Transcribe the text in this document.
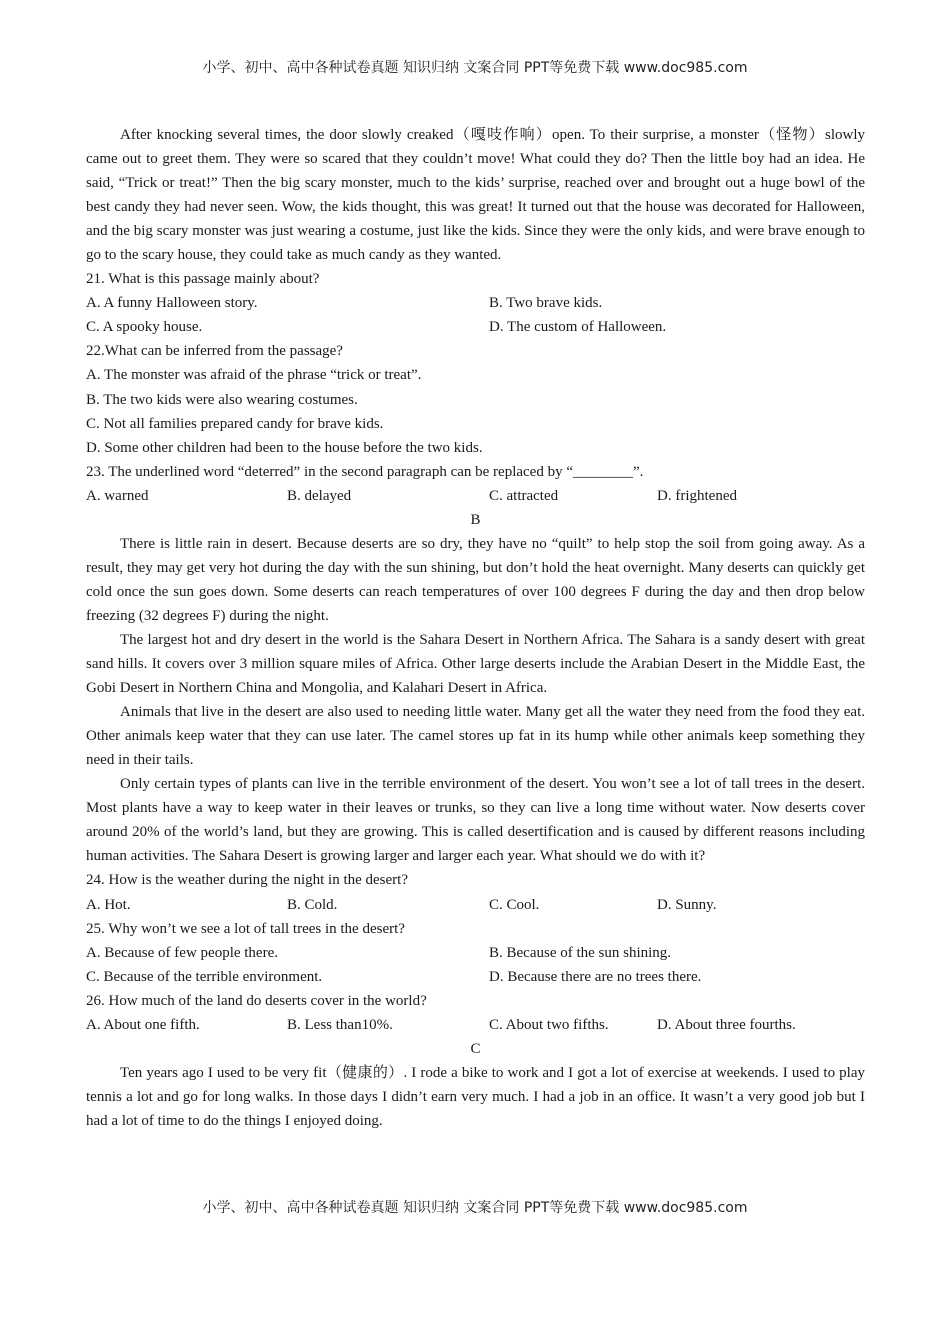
小学、初中、高中各种试卷真题 知识归纳 文案合同 PPT等免费下载 www.doc985.com

After knocking several times, the door slowly creaked（嘎吱作响）open. To their surprise, a monster（怪物）slowly came out to greet them. They were so scared that they couldn’t move! What could they do? Then the little boy had an idea. He said, “Trick or treat!” Then the big scary monster, much to the kids’ surprise, reached over and brought out a huge bowl of the best candy they had never seen. Wow, the kids thought, this was great! It turned out that the house was decorated for Halloween, and the big scary monster was just wearing a costume, just like the kids. Since they were the only kids, and were brave enough to go to the scary house, they could take as much candy as they wanted.

21. What is this passage mainly about?

A. A funny Halloween story.	B. Two brave kids.
C. A spooky house.	D. The custom of Halloween.

22.What can be inferred from the passage?

A. The monster was afraid of the phrase “trick or treat”.

B. The two kids were also wearing costumes.

C. Not all families prepared candy for brave kids.

D. Some other children had been to the house before the two kids.

23. The underlined word “deterred” in the second paragraph can be replaced by “________”.

A. warned	B. delayed	C. attracted	D. frightened

B

There is little rain in desert. Because deserts are so dry, they have no “quilt” to help stop the soil from going away. As a result, they may get very hot during the day with the sun shining, but don’t hold the heat overnight. Many deserts can quickly get cold once the sun goes down. Some deserts can reach temperatures of over 100 degrees F during the day and then drop below freezing (32 degrees F) during the night.

The largest hot and dry desert in the world is the Sahara Desert in Northern Africa. The Sahara is a sandy desert with great sand hills. It covers over 3 million square miles of Africa. Other large deserts include the Arabian Desert in the Middle East, the Gobi Desert in Northern China and Mongolia, and Kalahari Desert in Africa.

Animals that live in the desert are also used to needing little water. Many get all the water they need from the food they eat. Other animals keep water that they can use later. The camel stores up fat in its hump while other animals keep something they need in their tails.

Only certain types of plants can live in the terrible environment of the desert. You won’t see a lot of tall trees in the desert. Most plants have a way to keep water in their leaves or trunks, so they can live a long time without water. Now deserts cover around 20% of the world’s land, but they are growing. This is called desertification and is caused by different reasons including human activities. The Sahara Desert is growing larger and larger each year. What should we do with it?

24. How is the weather during the night in the desert?

A. Hot.	B. Cold.	C. Cool.	D. Sunny.

25. Why won’t we see a lot of tall trees in the desert?

A. Because of few people there.	B. Because of the sun shining.
C. Because of the terrible environment.	D. Because there are no trees there.

26. How much of the land do deserts cover in the world?

A. About one fifth.	B. Less than10%.	C. About two fifths.	D. About three fourths.

C

Ten years ago I used to be very fit（健康的）. I rode a bike to work and I got a lot of exercise at weekends. I used to play tennis a lot and go for long walks. In those days I didn’t earn very much. I had a job in an office. It wasn’t a very good job but I had a lot of time to do the things I enjoyed doing.

小学、初中、高中各种试卷真题 知识归纳 文案合同 PPT等免费下载 www.doc985.com
